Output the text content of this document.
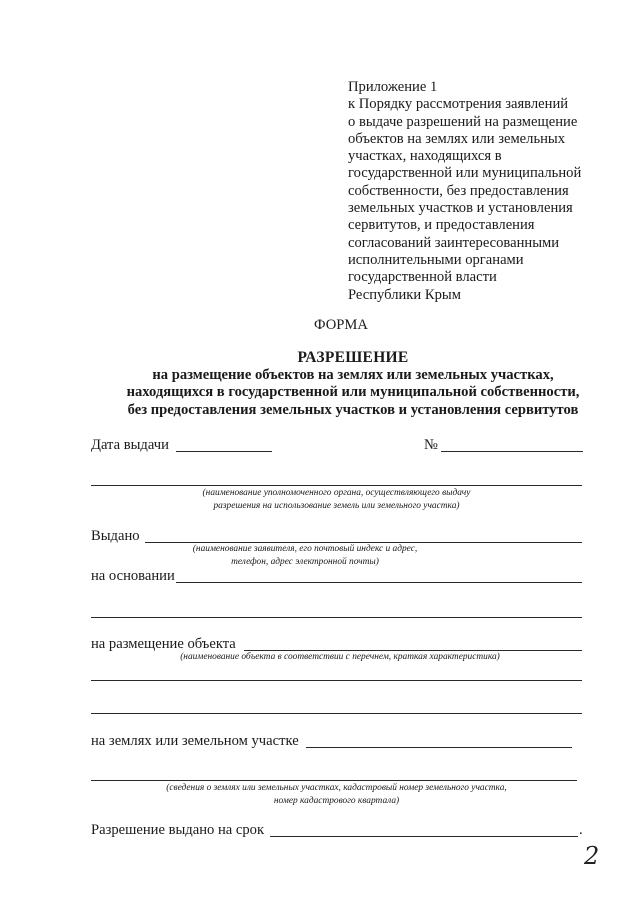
Приложение 1
к Порядку рассмотрения заявлений
о выдаче разрешений на размещение
объектов на землях или земельных
участках, находящихся в
государственной или муниципальной
собственности, без предоставления
земельных участков и установления
сервитутов, и предоставления
согласований заинтересованными
исполнительными органами
государственной власти
Республики Крым
ФОРМА
РАЗРЕШЕНИЕ
на размещение объектов на землях или земельных участках,
находящихся в государственной или муниципальной собственности,
без предоставления земельных участков и установления сервитутов
Дата выдачи	№
(наименование уполномоченного органа, осуществляющего выдачу
разрешения на использование земель или земельного участка)
Выдано
(наименование заявителя, его почтовый индекс и адрес,
телефон, адрес электронной почты)
на основании
на размещение объекта
(наименование объекта в соответствии с перечнем, краткая характеристика)
на землях или земельном участке
(сведения о землях или земельных участках, кадастровый номер земельного участка,
номер кадастрового квартала)
Разрешение выдано на срок	.
2
